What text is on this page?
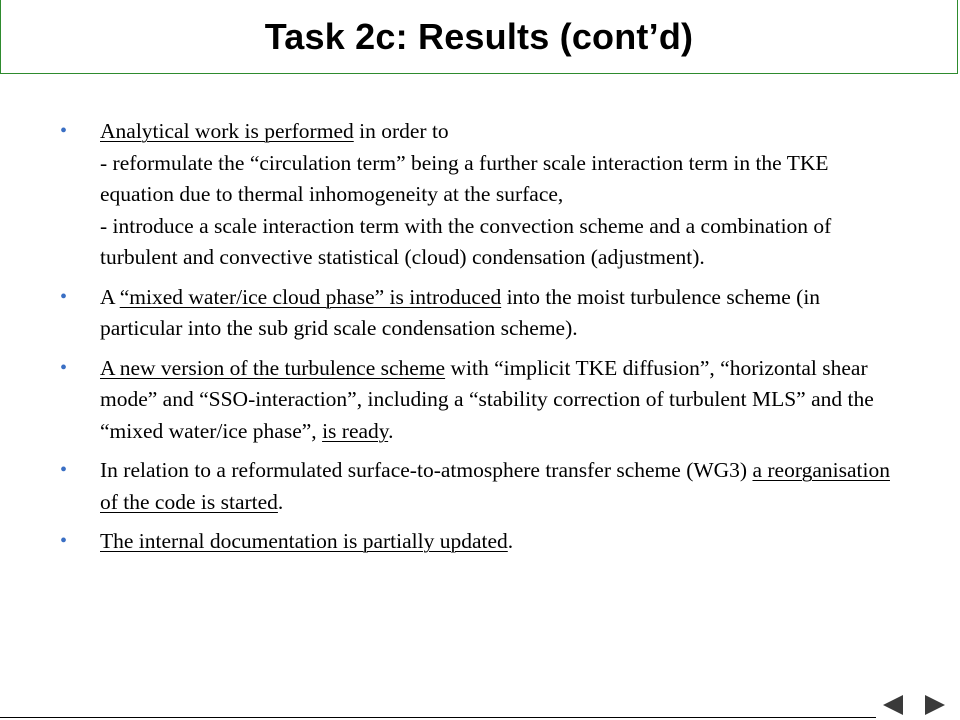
Task 2c: Results (cont’d)
• Analytical work is performed in order to
- reformulate the “circulation term” being a further scale interaction term in the TKE equation due to thermal inhomogeneity at the surface,
- introduce a scale interaction term with the convection scheme and a combination of turbulent and convective statistical (cloud) condensation (adjustment).
• A “mixed water/ice cloud phase” is introduced into the moist turbulence scheme (in particular into the sub grid scale condensation scheme).
• A new version of the turbulence scheme with “implicit TKE diffusion”, “horizontal shear mode” and “SSO-interaction”, including a “stability correction of turbulent MLS” and the “mixed water/ice phase”, is ready.
• In relation to a reformulated surface-to-atmosphere transfer scheme (WG3) a reorganisation of the code is started.
• The internal documentation is partially updated.
